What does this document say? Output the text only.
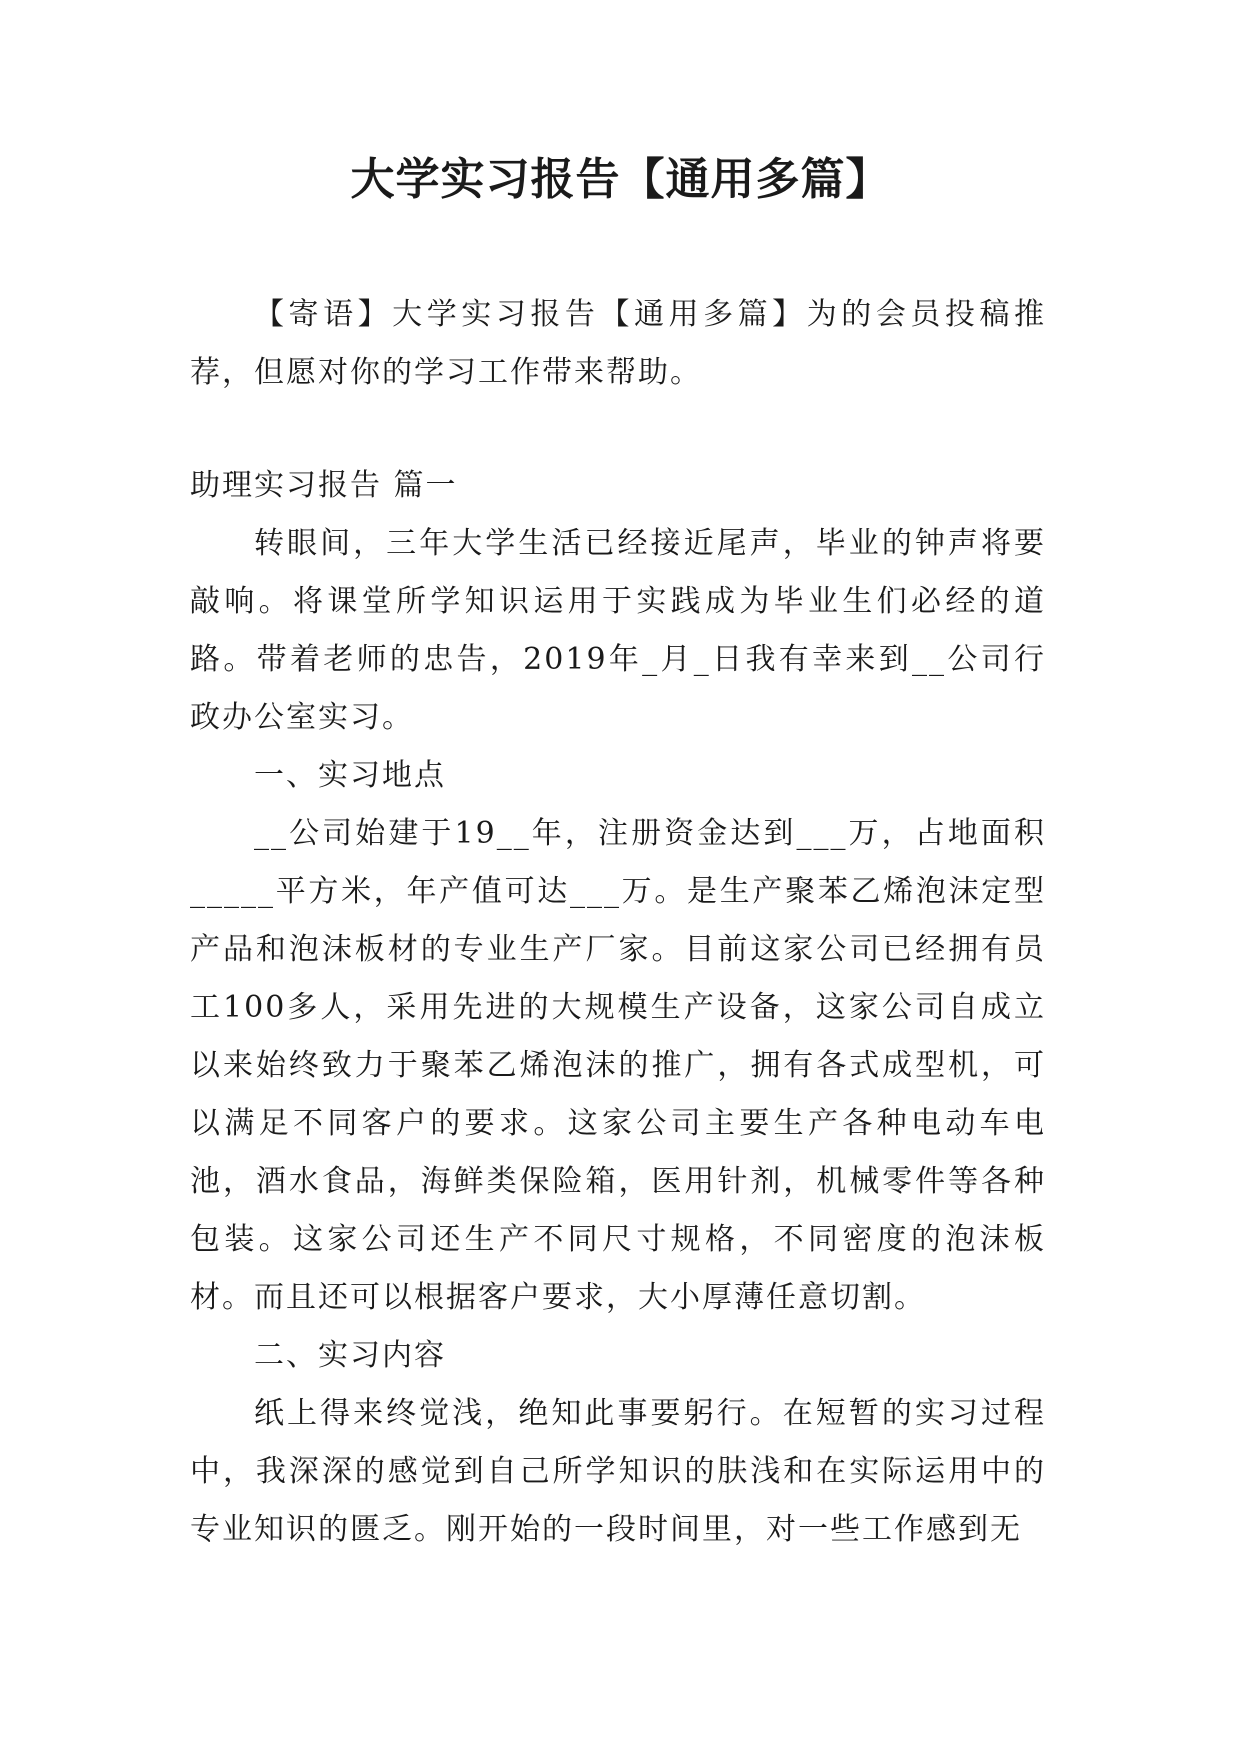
大学实习报告【通用多篇】

【寄语】大学实习报告【通用多篇】为的会员投稿推荐，但愿对你的学习工作带来帮助。

助理实习报告 篇一

转眼间，三年大学生活已经接近尾声，毕业的钟声将要敲响。将课堂所学知识运用于实践成为毕业生们必经的道路。带着老师的忠告，2019年_月_日我有幸来到__公司行政办公室实习。

一、实习地点

__公司始建于19__年，注册资金达到___万，占地面积_____平方米，年产值可达___万。是生产聚苯乙烯泡沫定型产品和泡沫板材的专业生产厂家。目前这家公司已经拥有员工100多人，采用先进的大规模生产设备，这家公司自成立以来始终致力于聚苯乙烯泡沫的推广，拥有各式成型机，可以满足不同客户的要求。这家公司主要生产各种电动车电池，酒水食品，海鲜类保险箱，医用针剂，机械零件等各种包装。这家公司还生产不同尺寸规格，不同密度的泡沫板材。而且还可以根据客户要求，大小厚薄任意切割。

二、实习内容

纸上得来终觉浅，绝知此事要躬行。在短暂的实习过程中，我深深的感觉到自己所学知识的肤浅和在实际运用中的专业知识的匮乏。刚开始的一段时间里，对一些工作感到无
